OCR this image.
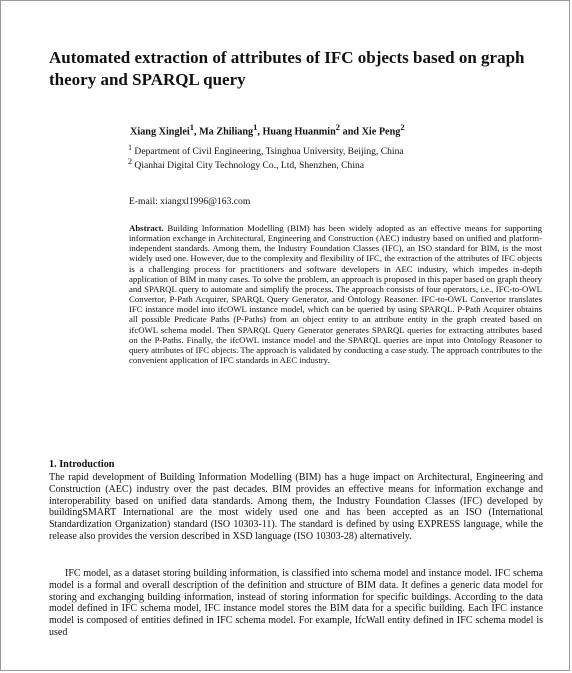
Automated extraction of attributes of IFC objects based on graph theory and SPARQL query
Xiang Xinglei$^1$, Ma Zhiliang$^1$, Huang Huanmin$^2$ and Xie Peng$^2$
$^1$ Department of Civil Engineering, Tsinghua University, Beijing, China
$^2$ Qianhai Digital City Technology Co., Ltd, Shenzhen, China
E-mail: xiangxl1996@163.com

Abstract. Building Information Modelling (BIM) has been widely adopted as an effective means for supporting information exchange in Architectural, Engineering and Construction (AEC) industry based on unified and platform-independent standards. Among them, the Industry Foundation Classes (IFC), an ISO standard for BIM, is the most widely used one. However, due to the complexity and flexibility of IFC, the extraction of the attributes of IFC objects is a challenging process for practitioners and software developers in AEC industry, which impedes in-depth application of BIM in many cases. To solve the problem, an approach is proposed in this paper based on graph theory and SPARQL query to automate and simplify the process. The approach consists of four operators, i.e., IFC-to-OWL Convertor, P-Path Acquirer, SPARQL Query Generator, and Ontology Reasoner. IFC-to-OWL Convertor translates IFC instance model into ifcOWL instance model, which can be queried by using SPARQL. P-Path Acquirer obtains all possible Predicate Paths (P-Paths) from an object entity to an attribute entity in the graph created based on ifcOWL schema model. Then SPARQL Query Generator generates SPARQL queries for extracting attributes based on the P-Paths. Finally, the ifcOWL instance model and the SPARQL queries are input into Ontology Reasoner to query attributes of IFC objects. The approach is validated by conducting a case study. The approach contributes to the convenient application of IFC standards in AEC industry.

1. Introduction

The rapid development of Building Information Modelling (BIM) has a huge impact on Architectural, Engineering and Construction (AEC) industry over the past decades. BIM provides an effective means for information exchange and interoperability based on unified data standards. Among them, the Industry Foundation Classes (IFC) developed by buildingSMART International are the most widely used one and has been accepted as an ISO (International Standardization Organization) standard (ISO 10303-11). The standard is defined by using EXPRESS language, while the release also provides the version described in XSD language (ISO 10303-28) alternatively.

IFC model, as a dataset storing building information, is classified into schema model and instance model. IFC schema model is a formal and overall description of the definition and structure of BIM data. It defines a generic data model for storing and exchanging building information, instead of storing information for specific buildings. According to the data model defined in IFC schema model, IFC instance model stores the BIM data for a specific building. Each IFC instance model is composed of entities defined in IFC schema model. For example, IfcWall entity defined in IFC schema model is used
